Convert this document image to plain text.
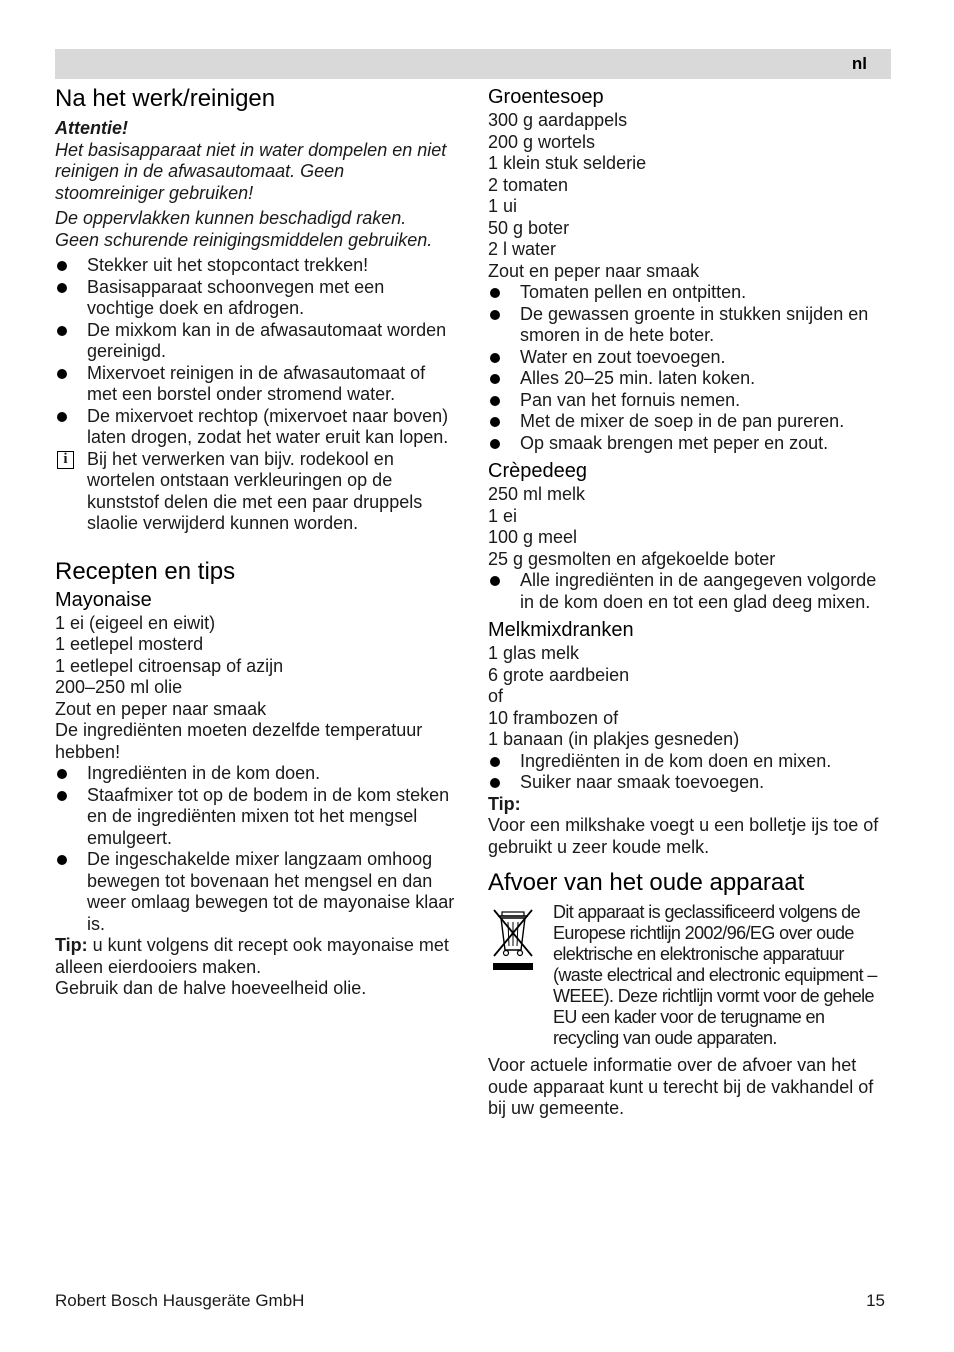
nl
Na het werk/reinigen

Attentie!

Het basisapparaat niet in water dompelen en niet reinigen in de afwasautomaat. Geen stoomreiniger gebruiken!

De oppervlakken kunnen beschadigd raken. Geen schurende reinigingsmiddelen gebruiken.

Stekker uit het stopcontact trekken!
Basisapparaat schoonvegen met een vochtige doek en afdrogen.
De mixkom kan in de afwasautomaat worden gereinigd.
Mixervoet reinigen in de afwasautomaat of met een borstel onder stromend water.
De mixervoet rechtop (mixervoet naar boven) laten drogen, zodat het water eruit kan lopen.
i	Bij het verwerken van bijv. rodekool en wortelen ontstaan verkleuringen op de kunststof delen die met een paar druppels slaolie verwijderd kunnen worden.
Recepten en tips
Mayonaise

1 ei (eigeel en eiwit)

1 eetlepel mosterd

1 eetlepel citroensap of azijn

200–250 ml olie

Zout en peper naar smaak

De ingrediënten moeten dezelfde temperatuur hebben!

Ingrediënten in de kom doen.
Staafmixer tot op de bodem in de kom steken en de ingrediënten mixen tot het mengsel emulgeert.
De ingeschakelde mixer langzaam omhoog bewegen tot bovenaan het mengsel en dan weer omlaag bewegen tot de mayonaise klaar is.

Tip: u kunt volgens dit recept ook mayonaise met alleen eierdooiers maken.

Gebruik dan de halve hoeveelheid olie.

Groentesoep

300 g aardappels

200 g wortels

1 klein stuk selderie

2 tomaten

1 ui

50 g boter

2 l water

Zout en peper naar smaak

Tomaten pellen en ontpitten.
De gewassen groente in stukken snijden en smoren in de hete boter.
Water en zout toevoegen.
Alles 20–25 min. laten koken.
Pan van het fornuis nemen.
Met de mixer de soep in de pan pureren.
Op smaak brengen met peper en zout.
Crèpedeeg

250 ml melk

1 ei

100 g meel

25 g gesmolten en afgekoelde boter

Alle ingrediënten in de aangegeven volgorde in de kom doen en tot een glad deeg mixen.
Melkmixdranken

1 glas melk

6 grote aardbeien

of

10 frambozen of

1 banaan (in plakjes gesneden)

Ingrediënten in de kom doen en mixen.
Suiker naar smaak toevoegen.

Tip:

Voor een milkshake voegt u een bolletje ijs toe of gebruikt u zeer koude melk.

Afvoer van het oude apparaat

Dit apparaat is geclassificeerd volgens de Europese richtlijn 2002/96/EG over oude elektrische en elektronische apparatuur (waste electrical and electronic equipment – WEEE). Deze richtlijn vormt voor de gehele EU een kader voor de terugname en recycling van oude apparaten.

Voor actuele informatie over de afvoer van het oude apparaat kunt u terecht bij de vakhandel of bij uw gemeente.

Robert Bosch Hausgeräte GmbH	15
